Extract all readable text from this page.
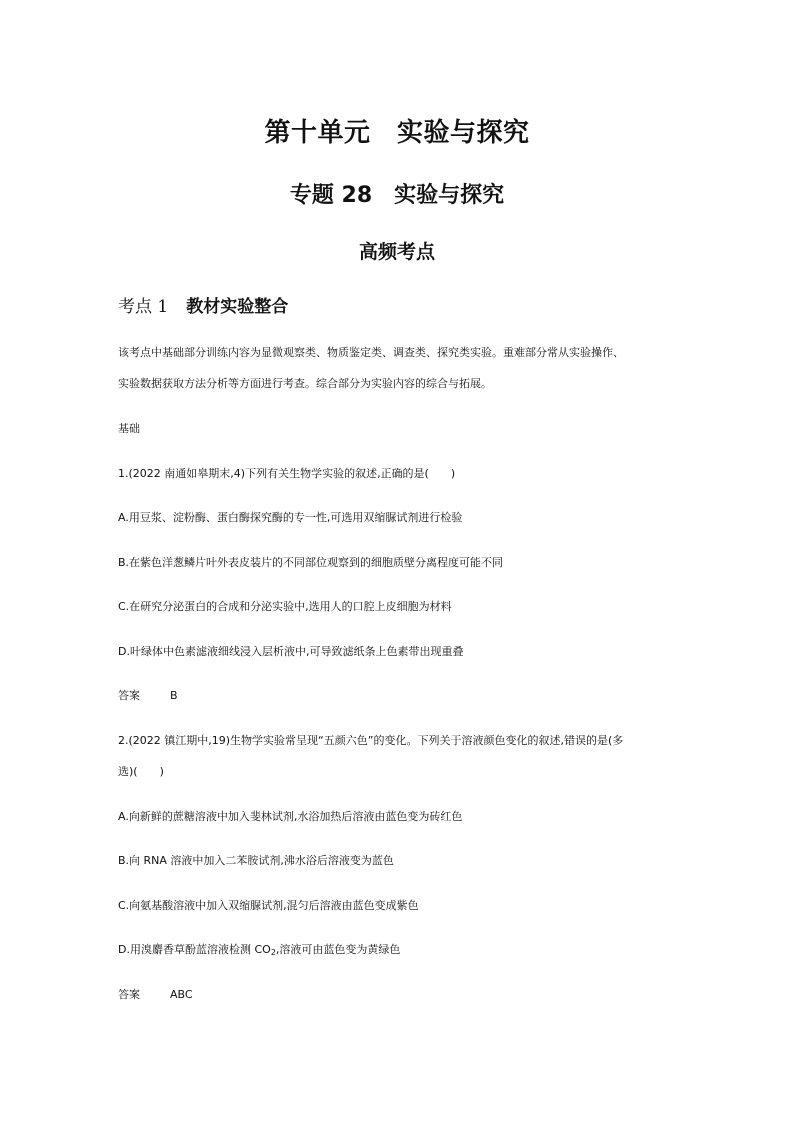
第十单元　实验与探究
专题 28　实验与探究
高频考点
考点 1 教材实验整合
该考点中基础部分训练内容为显微观察类、物质鉴定类、调查类、探究类实验。重难部分常从实验操作、
实验数据获取方法分析等方面进行考查。综合部分为实验内容的综合与拓展。
基础
1.(2022 南通如皋期末,4)下列有关生物学实验的叙述,正确的是(　　)
A.用豆浆、淀粉酶、蛋白酶探究酶的专一性,可选用双缩脲试剂进行检验
B.在紫色洋葱鳞片叶外表皮装片的不同部位观察到的细胞质壁分离程度可能不同
C.在研究分泌蛋白的合成和分泌实验中,选用人的口腔上皮细胞为材料
D.叶绿体中色素滤液细线浸入层析液中,可导致滤纸条上色素带出现重叠
答案	B
2.(2022 镇江期中,19)生物学实验常呈现“五颜六色”的变化。下列关于溶液颜色变化的叙述,错误的是(多
选)(　　)
A.向新鲜的蔗糖溶液中加入斐林试剂,水浴加热后溶液由蓝色变为砖红色
B.向 RNA 溶液中加入二苯胺试剂,沸水浴后溶液变为蓝色
C.向氨基酸溶液中加入双缩脲试剂,混匀后溶液由蓝色变成紫色
D.用溴麝香草酚蓝溶液检测 $CO_2$,溶液可由蓝色变为黄绿色
答案	ABC
